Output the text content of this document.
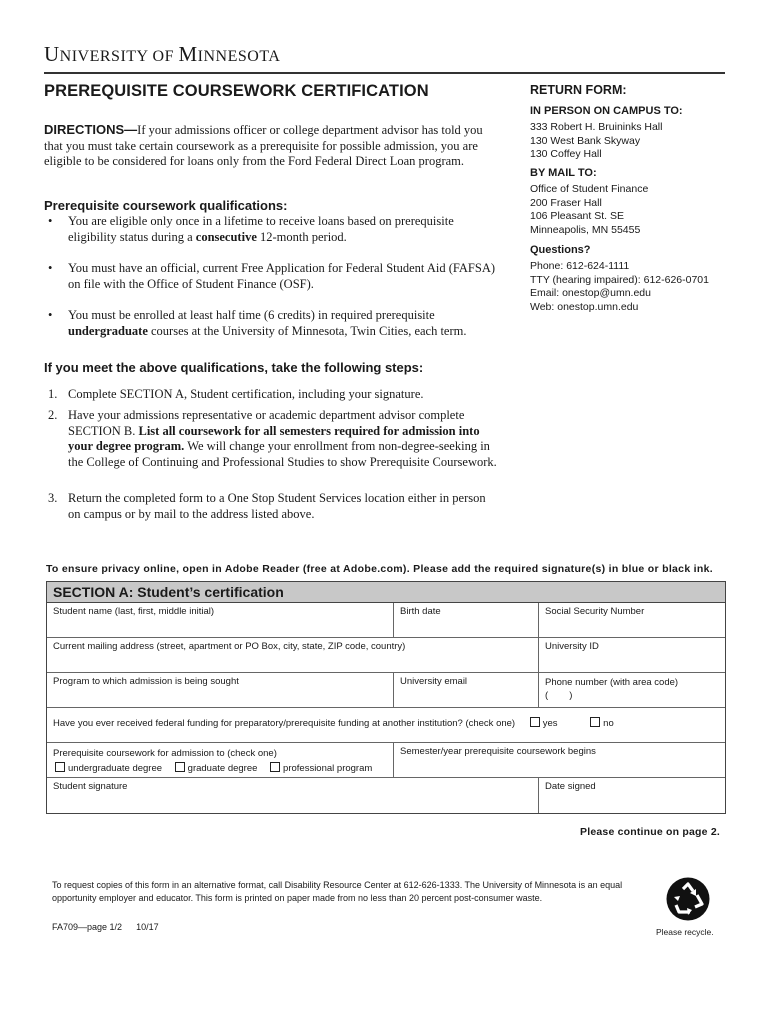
UNIVERSITY OF MINNESOTA
PREREQUISITE COURSEWORK CERTIFICATION	RETURN FORM:
IN PERSON ON CAMPUS TO:
333 Robert H. Bruininks Hall
130 West Bank Skyway
130 Coffey Hall
BY MAIL TO:
Office of Student Finance
200 Fraser Hall
106 Pleasant St. SE
Minneapolis, MN 55455
Questions?
Phone: 612-624-1111
TTY (hearing impaired): 612-626-0701
Email: onestop@umn.edu
Web: onestop.umn.edu
DIRECTIONS—If your admissions officer or college department advisor has told you that you must take certain coursework as a prerequisite for possible admission, you are eligible to be considered for loans only from the Ford Federal Direct Loan program.
Prerequisite coursework qualifications:
• You are eligible only once in a lifetime to receive loans based on prerequisite eligibility status during a consecutive 12-month period.
• You must have an official, current Free Application for Federal Student Aid (FAFSA) on file with the Office of Student Finance (OSF).
• You must be enrolled at least half time (6 credits) in required prerequisite undergraduate courses at the University of Minnesota, Twin Cities, each term.
If you meet the above qualifications, take the following steps:
1. Complete SECTION A, Student certification, including your signature.
2. Have your admissions representative or academic department advisor complete SECTION B. List all coursework for all semesters required for admission into your degree program. We will change your enrollment from non-degree-seeking in the College of Continuing and Professional Studies to show Prerequisite Coursework.
3. Return the completed form to a One Stop Student Services location either in person on campus or by mail to the address listed above.
To ensure privacy online, open in Adobe Reader (free at Adobe.com). Please add the required signature(s) in blue or black ink.
SECTION A: Student’s certification
Student name (last, first, middle initial)	Birth date	Social Security Number
Current mailing address (street, apartment or PO Box, city, state, ZIP code, country)	University ID
Program to which admission is being sought	University email	Phone number (with area code)
(        )
Have you ever received federal funding for preparatory/prerequisite funding at another institution? (check one)	yes	no
Prerequisite coursework for admission to (check one)
undergraduate degree	graduate degree	professional program
Semester/year prerequisite coursework begins
Student signature	Date signed
Please continue on page 2.
To request copies of this form in an alternative format, call Disability Resource Center at 612-626-1333. The University of Minnesota is an equal opportunity employer and educator. This form is printed on paper made from no less than 20 percent post-consumer waste.
FA709—page 1/2 10/17	Please recycle.
